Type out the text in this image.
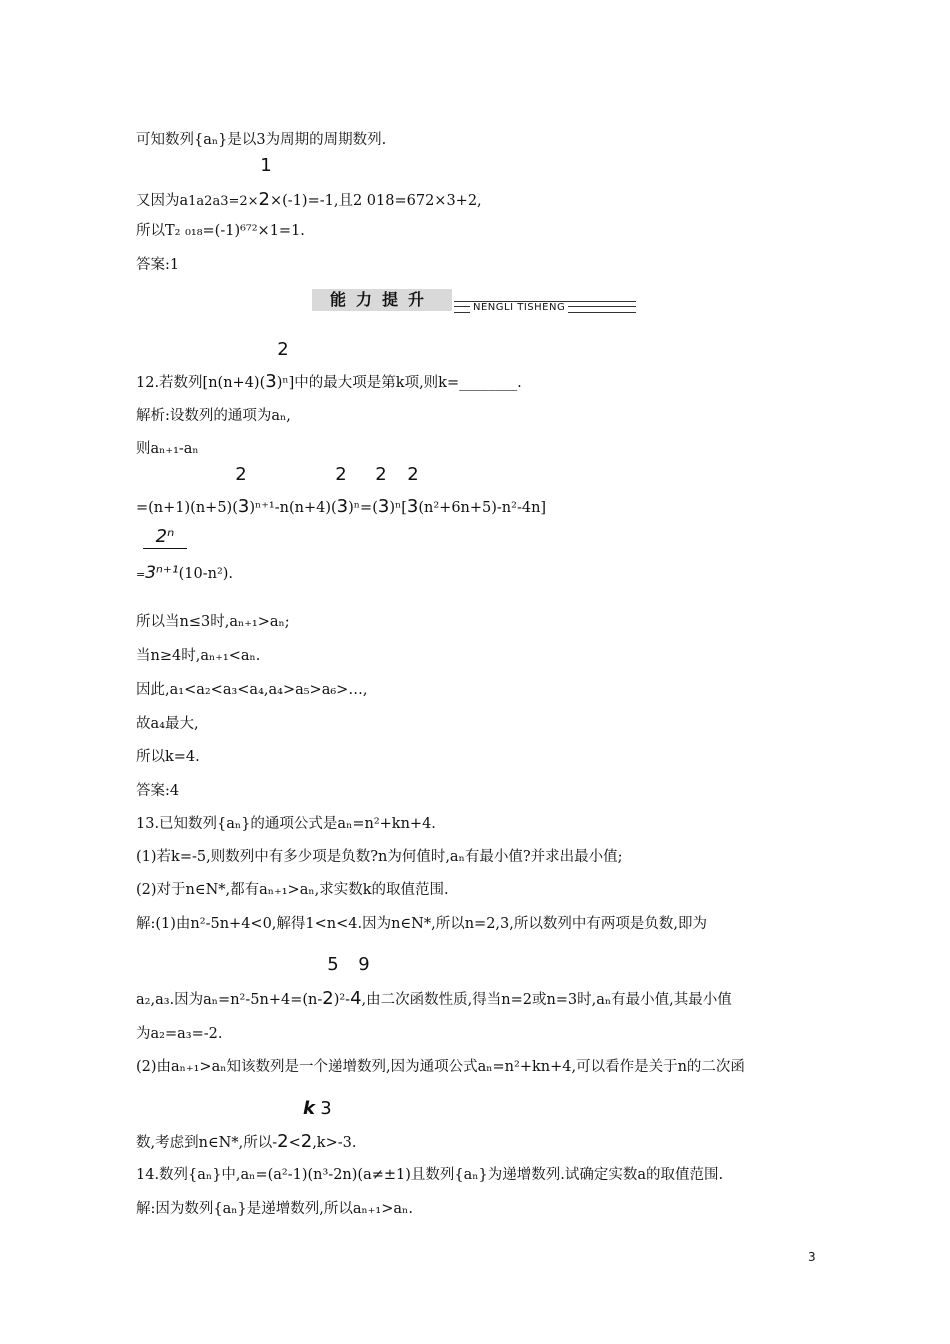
可知数列{aₙ}是以3为周期的周期数列.
1
又因为a1a2a3=2×2×(-1)=-1,且2 018=672×3+2,
所以T₂ ₀₁₈=(-1)⁶⁷²×1=1.
答案:1
能力提升	NENGLI TISHENG
2
12.若数列[n(n+4)(3)ⁿ]中的最大项是第k项,则k=________.
解析:设数列的通项为aₙ,
则aₙ₊₁-aₙ
2	2 2 2
=(n+1)(n+5)(3)ⁿ⁺¹-n(n+4)(3)ⁿ=(3)ⁿ[3(n²+6n+5)-n²-4n]
2ⁿ
=3ⁿ⁺¹(10-n²).
所以当n≤3时,aₙ₊₁>aₙ;
当n≥4时,aₙ₊₁<aₙ.
因此,a₁<a₂<a₃<a₄,a₄>a₅>a₆>…,
故a₄最大,
所以k=4.
答案:4
13.已知数列{aₙ}的通项公式是aₙ=n²+kn+4.
(1)若k=-5,则数列中有多少项是负数?n为何值时,aₙ有最小值?并求出最小值;
(2)对于n∈N*,都有aₙ₊₁>aₙ,求实数k的取值范围.
解:(1)由n²-5n+4<0,解得1<n<4.因为n∈N*,所以n=2,3,所以数列中有两项是负数,即为
5 9
a₂,a₃.因为aₙ=n²-5n+4=(n-2)²-4,由二次函数性质,得当n=2或n=3时,aₙ有最小值,其最小值
为a₂=a₃=-2.
(2)由aₙ₊₁>aₙ知该数列是一个递增数列,因为通项公式aₙ=n²+kn+4,可以看作是关于n的二次函
k 3
数,考虑到n∈N*,所以-2<2,k>-3.
14.数列{aₙ}中,aₙ=(a²-1)(n³-2n)(a≠±1)且数列{aₙ}为递增数列.试确定实数a的取值范围.
解:因为数列{aₙ}是递增数列,所以aₙ₊₁>aₙ.
3
